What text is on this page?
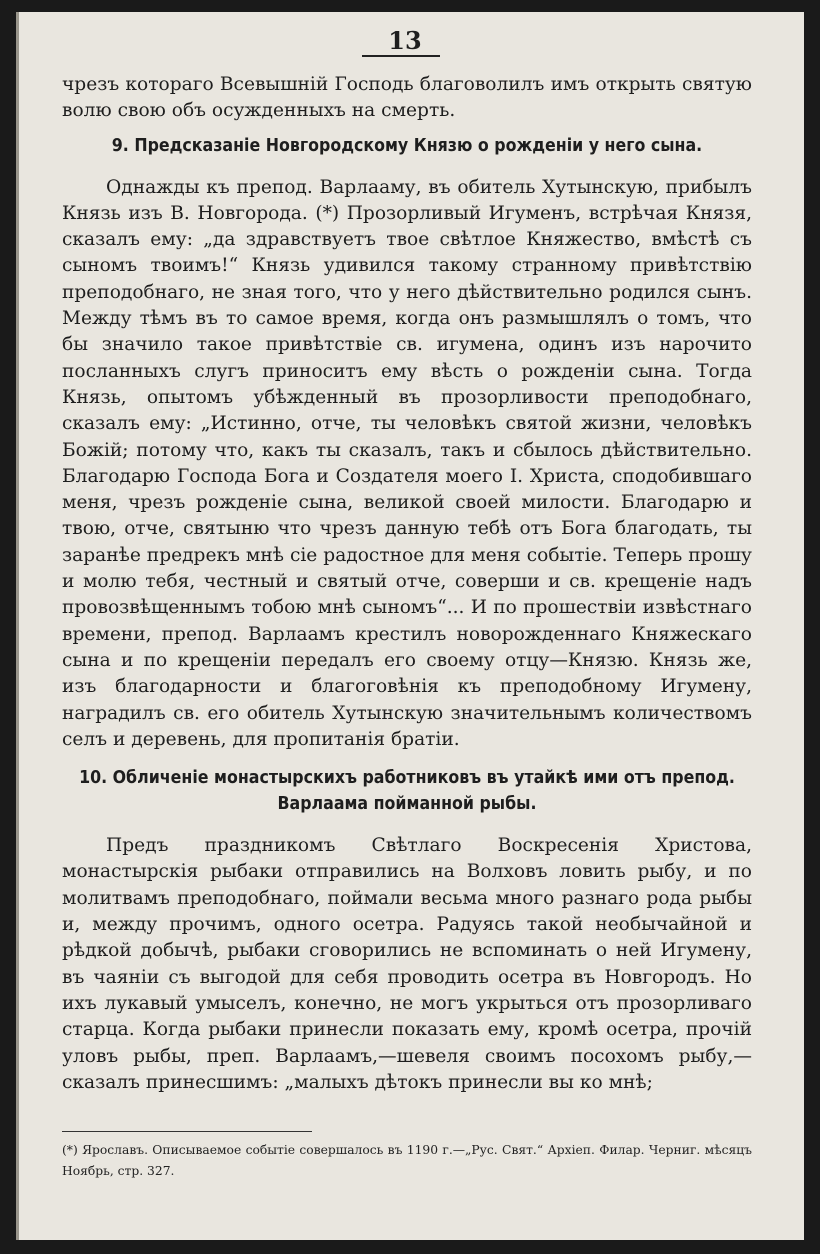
13

чрезъ котораго Всевышній Господь благоволилъ имъ открыть святую волю свою объ осужденныхъ на смерть.

9. Предсказаніе Новгородскому Князю о рожденіи у него сына.

Однажды къ препод. Варлааму, въ обитель Хутынскую, прибылъ Князь изъ В. Новгорода. (*) Прозорливый Игуменъ, встрѣчая Князя, сказалъ ему: „да здравствуетъ твое свѣтлое Княжество, вмѣстѣ съ сыномъ твоимъ!“ Князь удивился такому странному привѣтствію преподобнаго, не зная того, что у него дѣйствительно родился сынъ. Между тѣмъ въ то самое время, когда онъ размышлялъ о томъ, что бы значило такое привѣтствіе св. игумена, одинъ изъ нарочито посланныхъ слугъ приноситъ ему вѣсть о рожденіи сына. Тогда Князь, опытомъ убѣжденный въ прозорливости преподобнаго, сказалъ ему: „Истинно, отче, ты человѣкъ святой жизни, человѣкъ Божій; потому что, какъ ты сказалъ, такъ и сбылось дѣйствительно. Благодарю Господа Бога и Создателя моего І. Христа, сподобившаго меня, чрезъ рожденіе сына, великой своей милости. Благодарю и твою, отче, святыню что чрезъ данную тебѣ отъ Бога благодать, ты заранѣе предрекъ мнѣ сіе радостное для меня событіе. Теперь прошу и молю тебя, честный и святый отче, соверши и св. крещеніе надъ провозвѣщеннымъ тобою мнѣ сыномъ“... И по прошествіи извѣстнаго времени, препод. Варлаамъ крестилъ новорожденнаго Княжескаго сына и по крещеніи передалъ его своему отцу—Князю. Князь же, изъ благодарности и благоговѣнія къ преподобному Игумену, наградилъ св. его обитель Хутынскую значительнымъ количествомъ селъ и деревень, для пропитанія братіи.

10. Обличеніе монастырскихъ работниковъ въ утайкѣ ими отъ препод. Варлаама пойманной рыбы.

Предъ праздникомъ Свѣтлаго Воскресенія Христова, монастырскія рыбаки отправились на Волховъ ловить рыбу, и по молитвамъ преподобнаго, поймали весьма много разнаго рода рыбы и, между прочимъ, одного осетра. Радуясь такой необычайной и рѣдкой добычѣ, рыбаки сговорились не вспоминать о ней Игумену, въ чаяніи съ выгодой для себя проводить осетра въ Новгородъ. Но ихъ лукавый умыселъ, конечно, не могъ укрыться отъ прозорливаго старца. Когда рыбаки принесли показать ему, кромѣ осетра, прочій уловъ рыбы, преп. Варлаамъ,—шевеля своимъ посохомъ рыбу,—сказалъ принесшимъ: „малыхъ дѣтокъ принесли вы ко мнѣ;

(*) Ярославъ. Описываемое событіе совершалось въ 1190 г.—„Рус. Свят.“ Архіеп. Филар. Черниг. мѣсяцъ Ноябрь, стр. 327.
